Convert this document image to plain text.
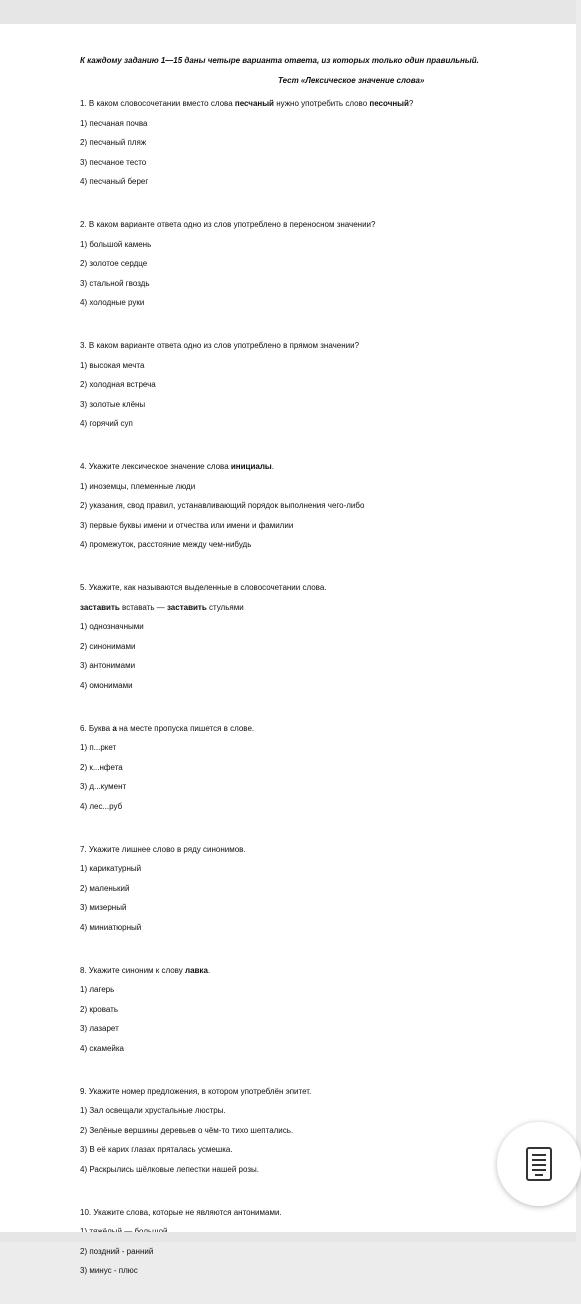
К каждому заданию 1—15 даны четыре варианта ответа, из которых только один правильный.
Тест «Лексическое значение слова»
1. В каком словосочетании вместо слова песчаный нужно употребить слово песочный?
1) песчаная почва
2) песчаный пляж
3) песчаное тесто
4) песчаный берег
2. В каком варианте ответа одно из слов употреблено в переносном значении?
1) большой камень
2) золотое сердце
3) стальной гвоздь
4) холодные руки
3. В каком варианте ответа одно из слов употреблено в прямом значении?
1) высокая мечта
2) холодная встреча
3) золотые клёны
4) горячий суп
4. Укажите лексическое значение слова инициалы.
1) иноземцы, племенные люди
2) указания, свод правил, устанавливающий порядок выполнения чего-либо
3) первые буквы имени и отчества или имени и фамилии
4) промежуток, расстояние между чем-нибудь
5. Укажите, как называются выделенные в словосочетании слова.
заставить вставать — заставить стульями
1) однозначными
2) синонимами
3) антонимами
4) омонимами
6. Буква а на месте пропуска пишется в слове.
1) п...ркет
2) к...нфета
3) д...кумент
4) лес...руб
7. Укажите лишнее слово в ряду синонимов.
1) карикатурный
2) маленький
3) мизерный
4) миниатюрный
8. Укажите синоним к слову лавка.
1) лагерь
2) кровать
3) лазарет
4) скамейка
9. Укажите номер предложения, в котором употреблён эпитет.
1) Зал освещали хрустальные люстры.
2) Зелёные вершины деревьев о чём-то тихо шептались.
3) В её карих глазах пряталась усмешка.
4) Раскрылись шёлковые лепестки нашей розы.
10. Укажите слова, которые не являются антонимами.
2) поздний - ранний
3) минус - плюс
